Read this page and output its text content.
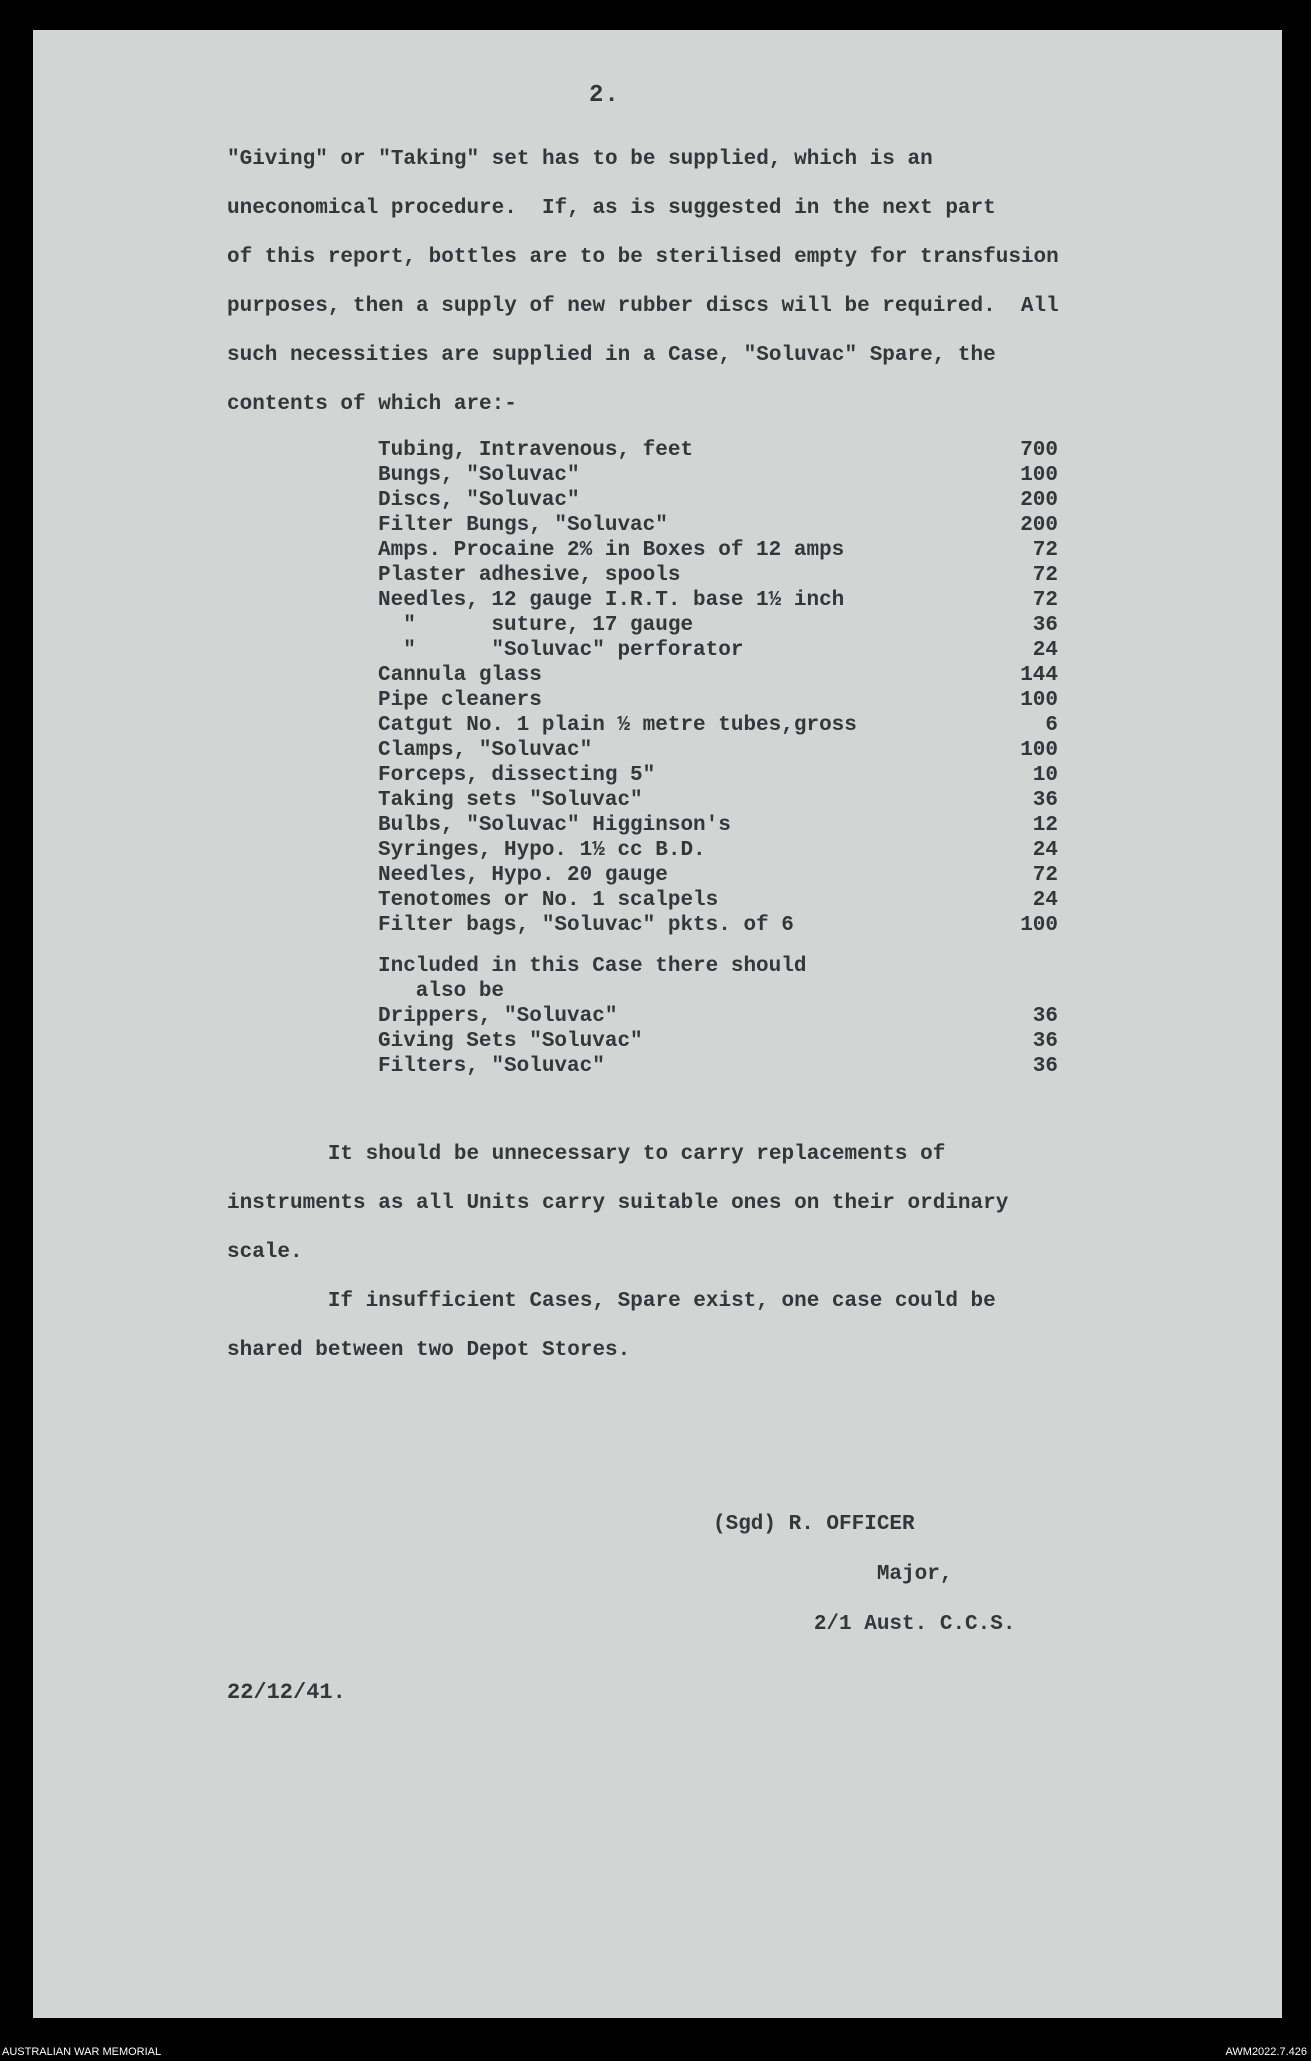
2.
"Giving" or "Taking" set has to be supplied, which is an
uneconomical procedure.  If, as is suggested in the next part
of this report, bottles are to be sterilised empty for transfusion
purposes, then a supply of new rubber discs will be required.  All
such necessities are supplied in a Case, "Soluvac" Spare, the
contents of which are:-
Tubing, Intravenous, feet	700
Bungs, "Soluvac"	100
Discs, "Soluvac"	200
Filter Bungs, "Soluvac"	200
Amps. Procaine 2% in Boxes of 12 amps	72
Plaster adhesive, spools	72
Needles, 12 gauge I.R.T. base 1½ inch	72
"      suture, 17 gauge	36
"      "Soluvac" perforator	24
Cannula glass	144
Pipe cleaners	100
Catgut No. 1 plain ½ metre tubes,gross	6
Clamps, "Soluvac"	100
Forceps, dissecting 5"	10
Taking sets "Soluvac"	36
Bulbs, "Soluvac" Higginson's	12
Syringes, Hypo. 1½ cc B.D.	24
Needles, Hypo. 20 gauge	72
Tenotomes or No. 1 scalpels	24
Filter bags, "Soluvac" pkts. of 6	100
Included in this Case there should
also be
Drippers, "Soluvac"	36
Giving Sets "Soluvac"	36
Filters, "Soluvac"	36
It should be unnecessary to carry replacements of
instruments as all Units carry suitable ones on their ordinary
scale.
If insufficient Cases, Spare exist, one case could be
shared between two Depot Stores.
(Sgd) R. OFFICER
Major,
2/1 Aust. C.C.S.
22/12/41.
AUSTRALIAN WAR MEMORIAL	AWM2022.7.426
